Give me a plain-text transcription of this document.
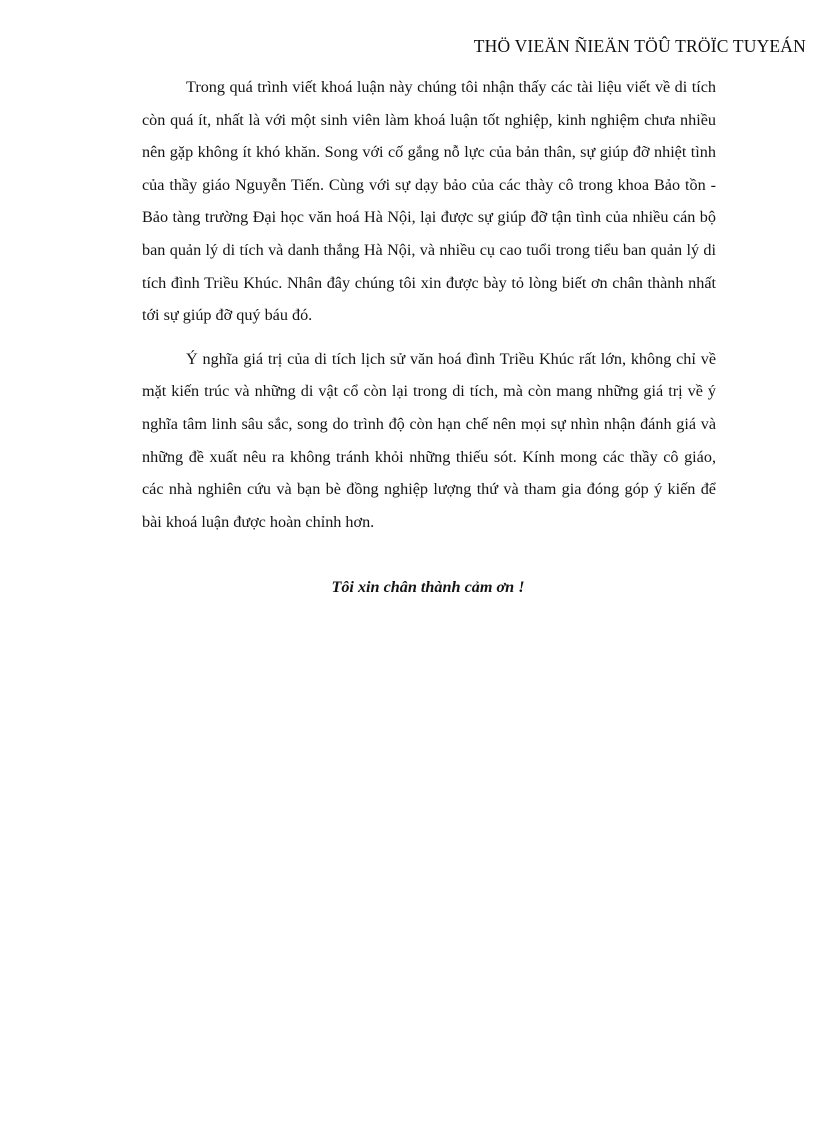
THÖ VIEÄN ÑIEÄN TÖÛ TRÖÏC TUYEÁN

Trong quá trình viết khoá luận này chúng tôi nhận thấy các tài liệu viết về di tích còn quá ít, nhất là với một sinh viên làm khoá luận tốt nghiệp, kinh nghiệm chưa nhiều nên gặp không ít khó khăn. Song với cố gắng nỗ lực của bản thân, sự giúp đỡ nhiệt tình của thầy giáo Nguyễn Tiến. Cùng với sự dạy bảo của các thày cô trong khoa Bảo tồn - Bảo tàng trường Đại học văn hoá Hà Nội, lại được sự giúp đỡ tận tình của nhiều cán bộ ban quản lý di tích và danh thắng Hà Nội, và nhiều cụ cao tuổi trong tiểu ban quản lý di tích đình Triều Khúc. Nhân đây chúng tôi xin được bày tỏ lòng biết ơn chân thành nhất tới sự giúp đỡ quý báu đó.

Ý nghĩa giá trị của di tích lịch sử văn hoá đình Triều Khúc rất lớn, không chỉ về mặt kiến trúc và những di vật cổ còn lại trong di tích, mà còn mang những giá trị về ý nghĩa tâm linh sâu sắc, song do trình độ còn hạn chế nên mọi sự nhìn nhận đánh giá và những đề xuất nêu ra không tránh khỏi những thiếu sót. Kính mong các thầy cô giáo, các nhà nghiên cứu và bạn bè đồng nghiệp lượng thứ và tham gia đóng góp ý kiến để bài khoá luận được hoàn chỉnh hơn.

Tôi xin chân thành cảm ơn !
